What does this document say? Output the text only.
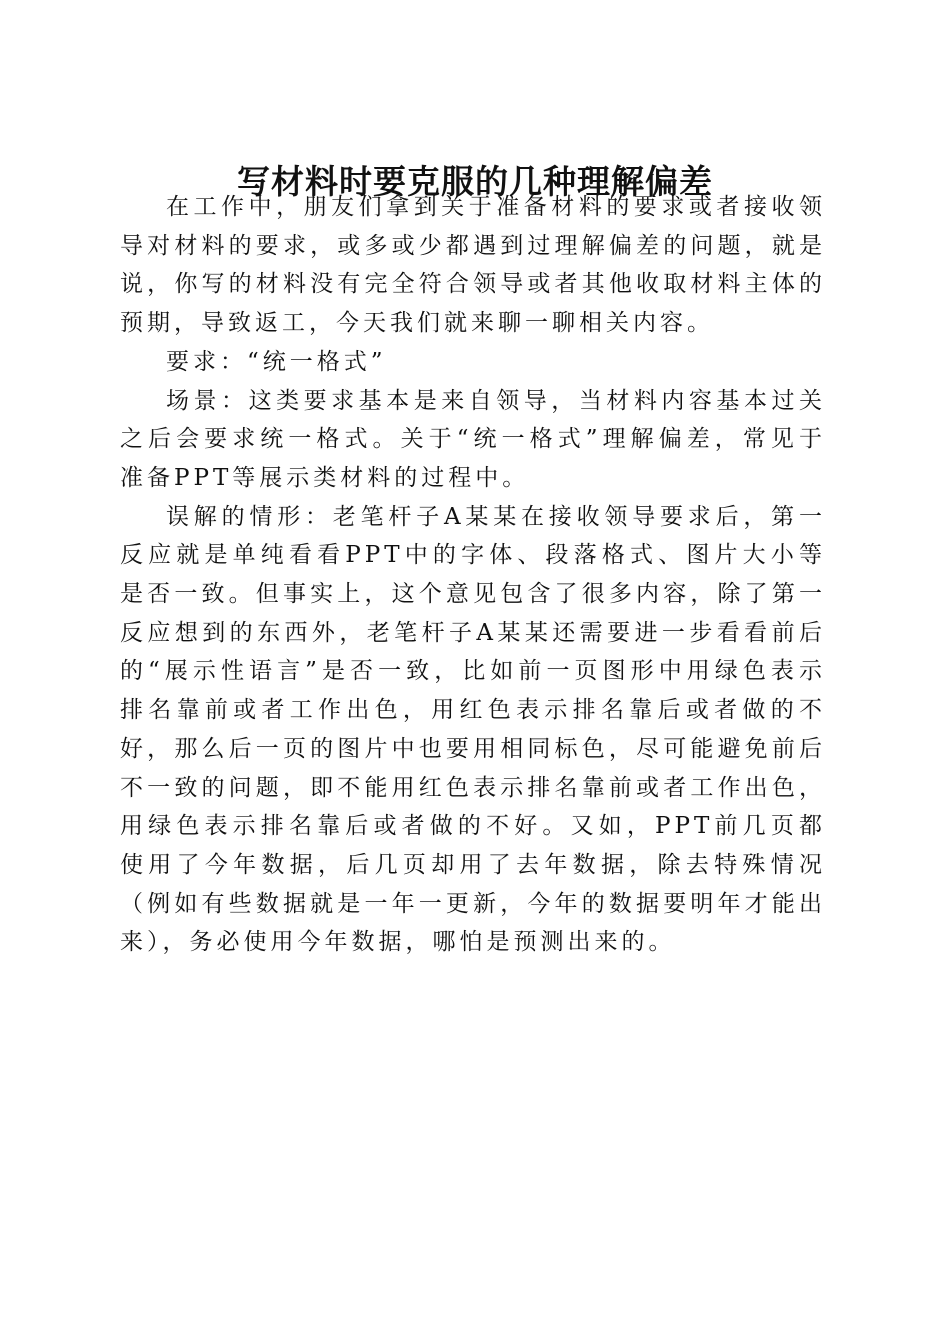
写材料时要克服的几种理解偏差

在工作中，朋友们拿到关于准备材料的要求或者接收领导对材料的要求，或多或少都遇到过理解偏差的问题，就是说，你写的材料没有完全符合领导或者其他收取材料主体的预期，导致返工，今天我们就来聊一聊相关内容。

要求：“统一格式”

场景：这类要求基本是来自领导，当材料内容基本过关之后会要求统一格式。关于“统一格式”理解偏差，常见于准备PPT等展示类材料的过程中。

误解的情形：老笔杆子A某某在接收领导要求后，第一反应就是单纯看看PPT中的字体、段落格式、图片大小等是否一致。但事实上，这个意见包含了很多内容，除了第一反应想到的东西外，老笔杆子A某某还需要进一步看看前后的“展示性语言”是否一致，比如前一页图形中用绿色表示排名靠前或者工作出色，用红色表示排名靠后或者做的不好，那么后一页的图片中也要用相同标色，尽可能避免前后不一致的问题，即不能用红色表示排名靠前或者工作出色，用绿色表示排名靠后或者做的不好。又如，PPT前几页都使用了今年数据，后几页却用了去年数据，除去特殊情况（例如有些数据就是一年一更新，今年的数据要明年才能出来），务必使用今年数据，哪怕是预测出来的。
